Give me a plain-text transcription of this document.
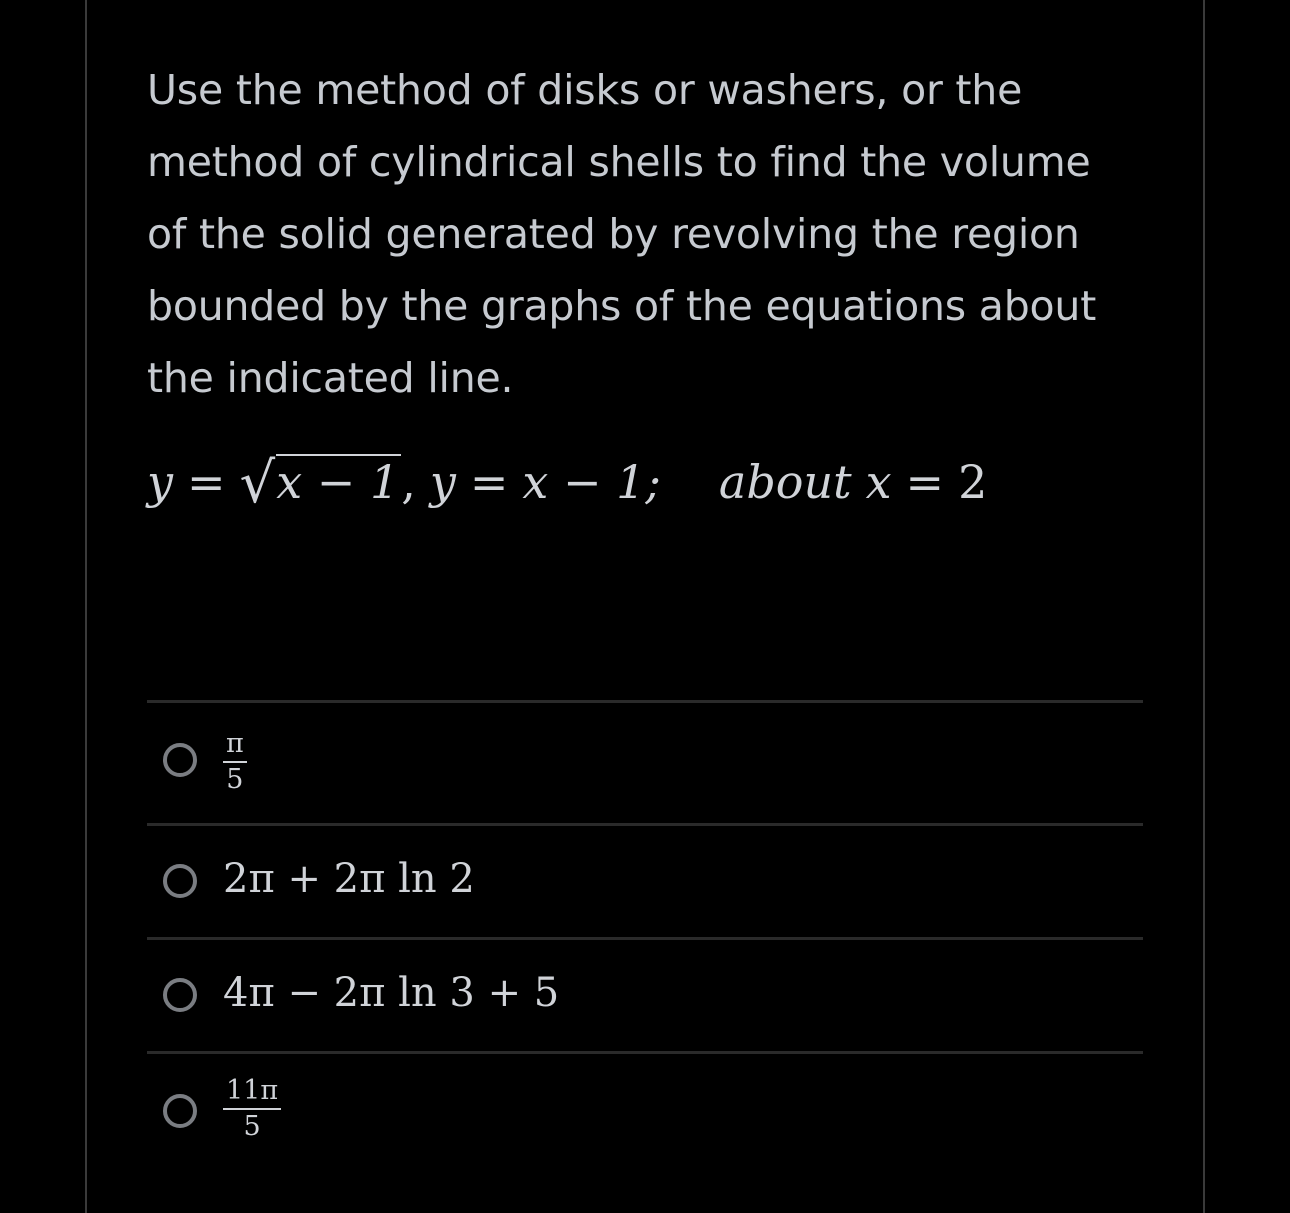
Use the method of disks or washers, or the method of cylindrical shells to find the volume of the solid generated by revolving the region bounded by the graphs of the equations about the indicated line.
y = √ x − 1 , y = x − 1; about x = 2
$\frac{\pi}{5}$
2π + 2π ln 2
4π − 2π ln 3 + 5
$\frac{11\pi}{5}$
